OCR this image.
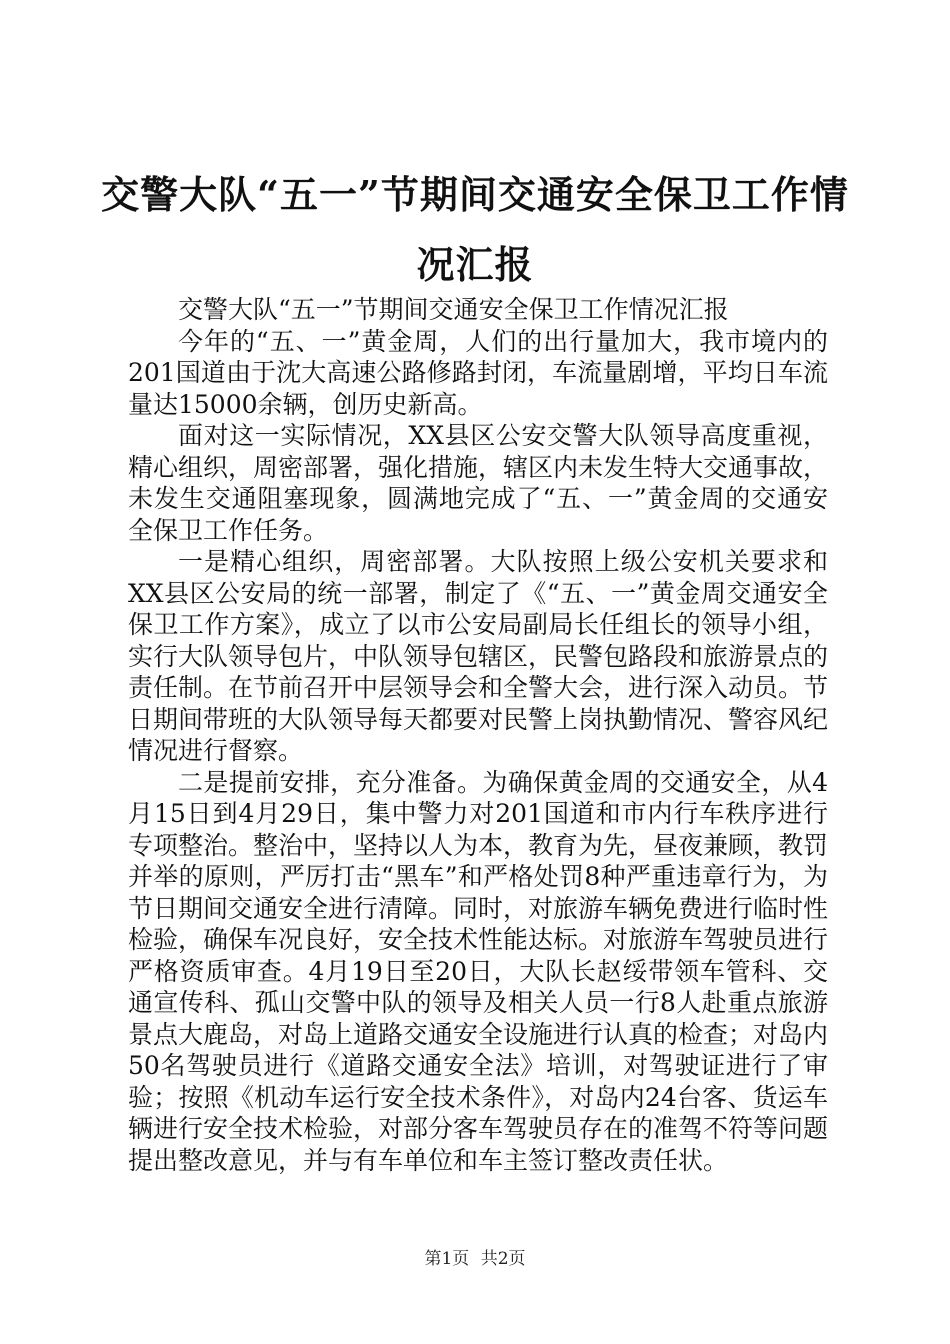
交警大队“五一”节期间交通安全保卫工作情况汇报

交警大队“五一”节期间交通安全保卫工作情况汇报

今年的“五、一”黄金周，人们的出行量加大，我市境内的201国道由于沈大高速公路修路封闭，车流量剧增，平均日车流量达15000余辆，创历史新高。

面对这一实际情况，XX县区公安交警大队领导高度重视，精心组织，周密部署，强化措施，辖区内未发生特大交通事故，未发生交通阻塞现象，圆满地完成了“五、一”黄金周的交通安全保卫工作任务。

一是精心组织，周密部署。大队按照上级公安机关要求和XX县区公安局的统一部署，制定了《“五、一”黄金周交通安全保卫工作方案》，成立了以市公安局副局长任组长的领导小组，实行大队领导包片，中队领导包辖区，民警包路段和旅游景点的责任制。在节前召开中层领导会和全警大会，进行深入动员。节日期间带班的大队领导每天都要对民警上岗执勤情况、警容风纪情况进行督察。

二是提前安排，充分准备。为确保黄金周的交通安全，从4月15日到4月29日，集中警力对201国道和市内行车秩序进行专项整治。整治中，坚持以人为本，教育为先，昼夜兼顾，教罚并举的原则，严厉打击“黑车”和严格处罚8种严重违章行为，为节日期间交通安全进行清障。同时，对旅游车辆免费进行临时性检验，确保车况良好，安全技术性能达标。对旅游车驾驶员进行严格资质审查。4月19日至20日，大队长赵绥带领车管科、交通宣传科、孤山交警中队的领导及相关人员一行8人赴重点旅游景点大鹿岛，对岛上道路交通安全设施进行认真的检查；对岛内50名驾驶员进行《道路交通安全法》培训，对驾驶证进行了审验；按照《机动车运行安全技术条件》，对岛内24台客、货运车辆进行安全技术检验，对部分客车驾驶员存在的准驾不符等问题提出整改意见，并与有车单位和车主签订整改责任状。

第1页 共2页
